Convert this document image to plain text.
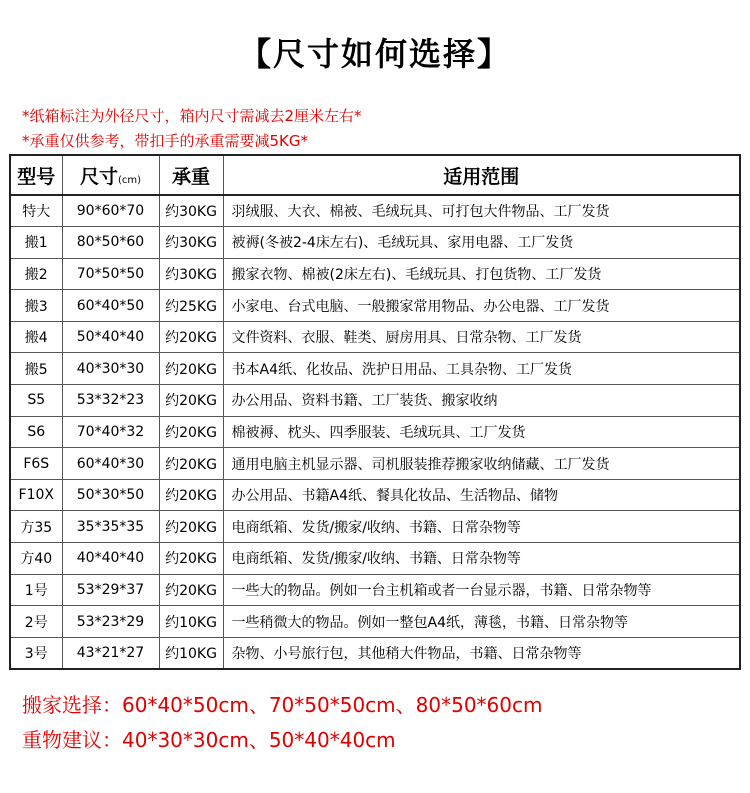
【尺寸如何选择】
*纸箱标注为外径尺寸，箱内尺寸需减去2厘米左右*
*承重仅供参考，带扣手的承重需要减5KG*
型号	尺寸(cm)	承重	适用范围
特大	90*60*70	约30KG	羽绒服、大衣、棉被、毛绒玩具、可打包大件物品、工厂发货
搬1	80*50*60	约30KG	被褥(冬被2-4床左右)、毛绒玩具、家用电器、工厂发货
搬2	70*50*50	约30KG	搬家衣物、棉被(2床左右)、毛绒玩具、打包货物、工厂发货
搬3	60*40*50	约25KG	小家电、台式电脑、一般搬家常用物品、办公电器、工厂发货
搬4	50*40*40	约20KG	文件资料、衣服、鞋类、厨房用具、日常杂物、工厂发货
搬5	40*30*30	约20KG	书本A4纸、化妆品、洗护日用品、工具杂物、工厂发货
S5	53*32*23	约20KG	办公用品、资料书籍、工厂装货、搬家收纳
S6	70*40*32	约20KG	棉被褥、枕头、四季服装、毛绒玩具、工厂发货
F6S	60*40*30	约20KG	通用电脑主机显示器、司机服装推荐搬家收纳储藏、工厂发货
F10X	50*30*50	约20KG	办公用品、书籍A4纸、餐具化妆品、生活物品、储物
方35	35*35*35	约20KG	电商纸箱、发货/搬家/收纳、书籍、日常杂物等
方40	40*40*40	约20KG	电商纸箱、发货/搬家/收纳、书籍、日常杂物等
1号	53*29*37	约20KG	一些大的物品。例如一台主机箱或者一台显示器，书籍、日常杂物等
2号	53*23*29	约10KG	一些稍微大的物品。例如一整包A4纸，薄毯，书籍、日常杂物等
3号	43*21*27	约10KG	杂物、小号旅行包，其他稍大件物品，书籍、日常杂物等
搬家选择：60*40*50cm、70*50*50cm、80*50*60cm
重物建议：40*30*30cm、50*40*40cm
